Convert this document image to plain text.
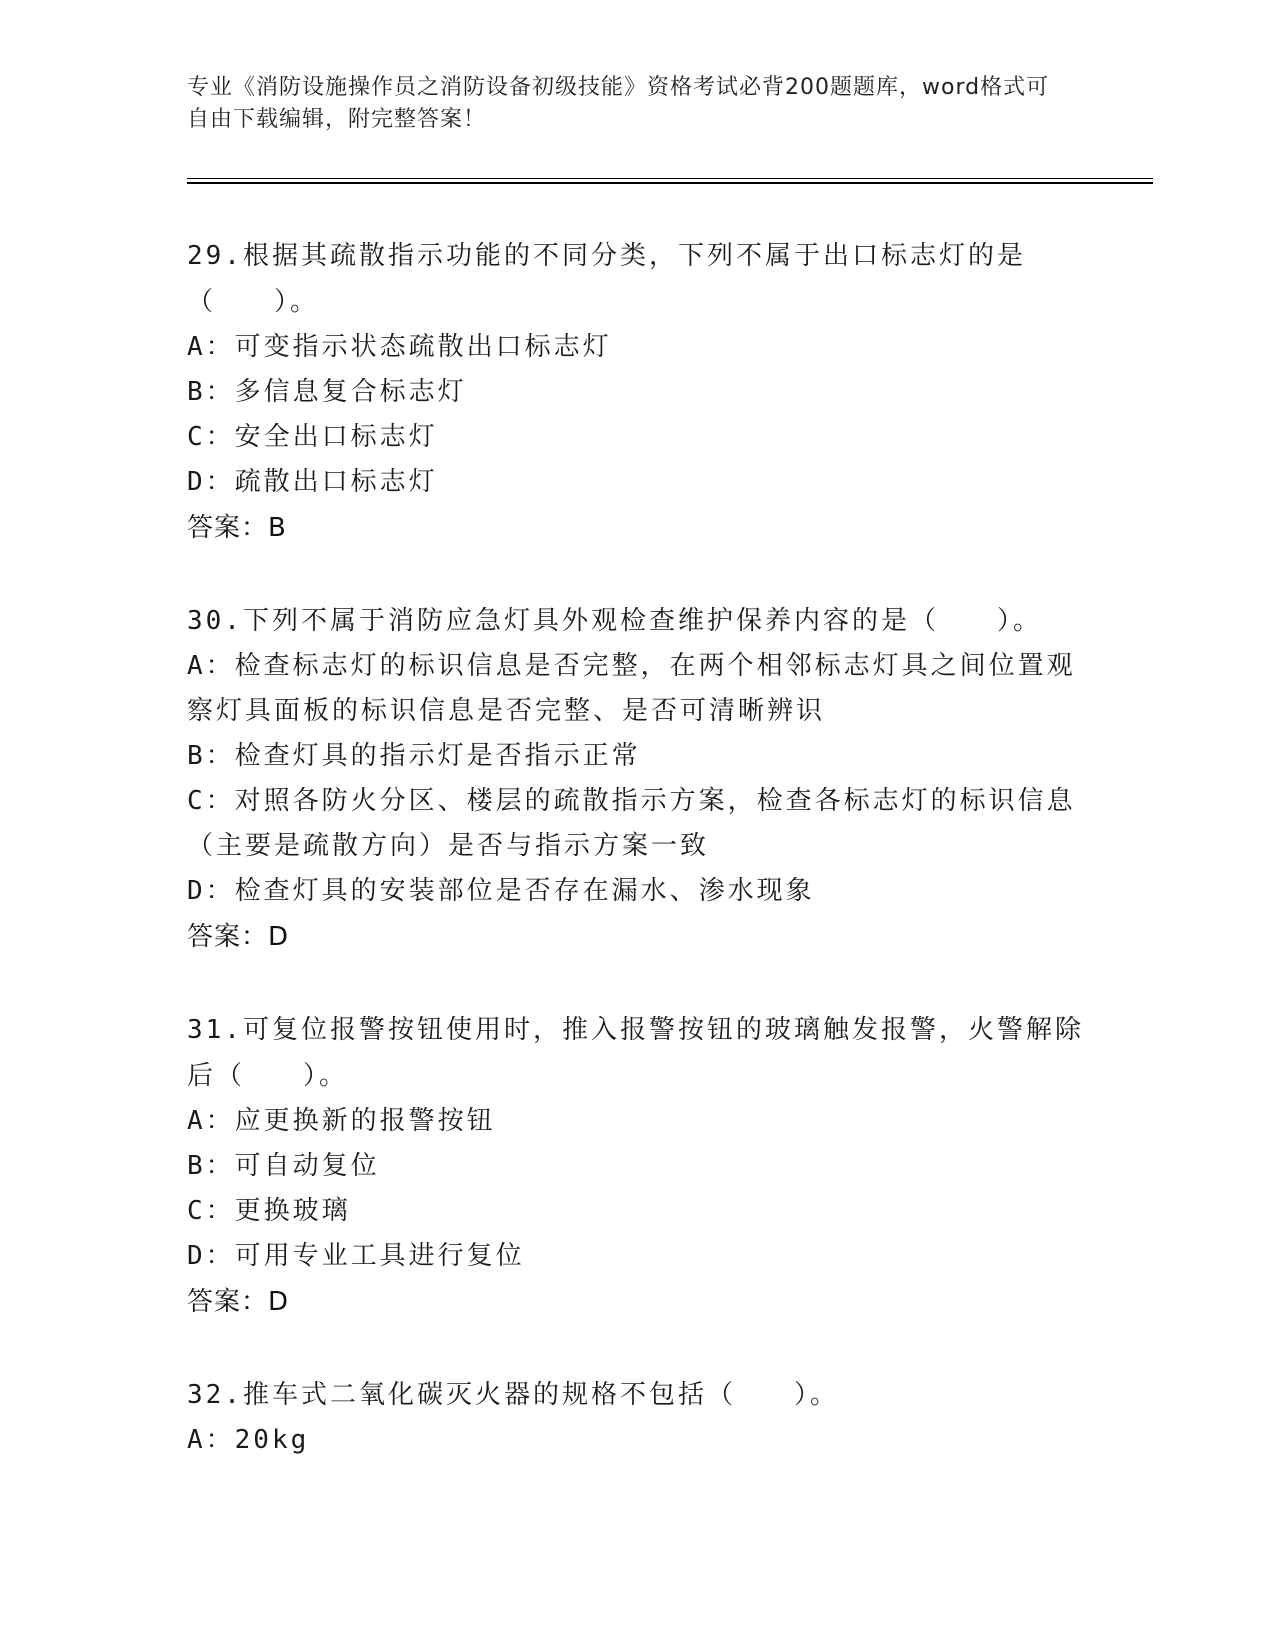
专业《消防设施操作员之消防设备初级技能》资格考试必背200题题库，word格式可自由下载编辑，附完整答案！

29.根据其疏散指示功能的不同分类，下列不属于出口标志灯的是（　　）。

A：可变指示状态疏散出口标志灯

B：多信息复合标志灯

C：安全出口标志灯

D：疏散出口标志灯

答案：B

30.下列不属于消防应急灯具外观检查维护保养内容的是（　　）。

A：检查标志灯的标识信息是否完整，在两个相邻标志灯具之间位置观察灯具面板的标识信息是否完整、是否可清晰辨识

B：检查灯具的指示灯是否指示正常

C：对照各防火分区、楼层的疏散指示方案，检查各标志灯的标识信息（主要是疏散方向）是否与指示方案一致

D：检查灯具的安装部位是否存在漏水、渗水现象

答案：D

31.可复位报警按钮使用时，推入报警按钮的玻璃触发报警，火警解除后（　　）。

A：应更换新的报警按钮

B：可自动复位

C：更换玻璃

D：可用专业工具进行复位

答案：D

32.推车式二氧化碳灭火器的规格不包括（　　）。

A：20kg
